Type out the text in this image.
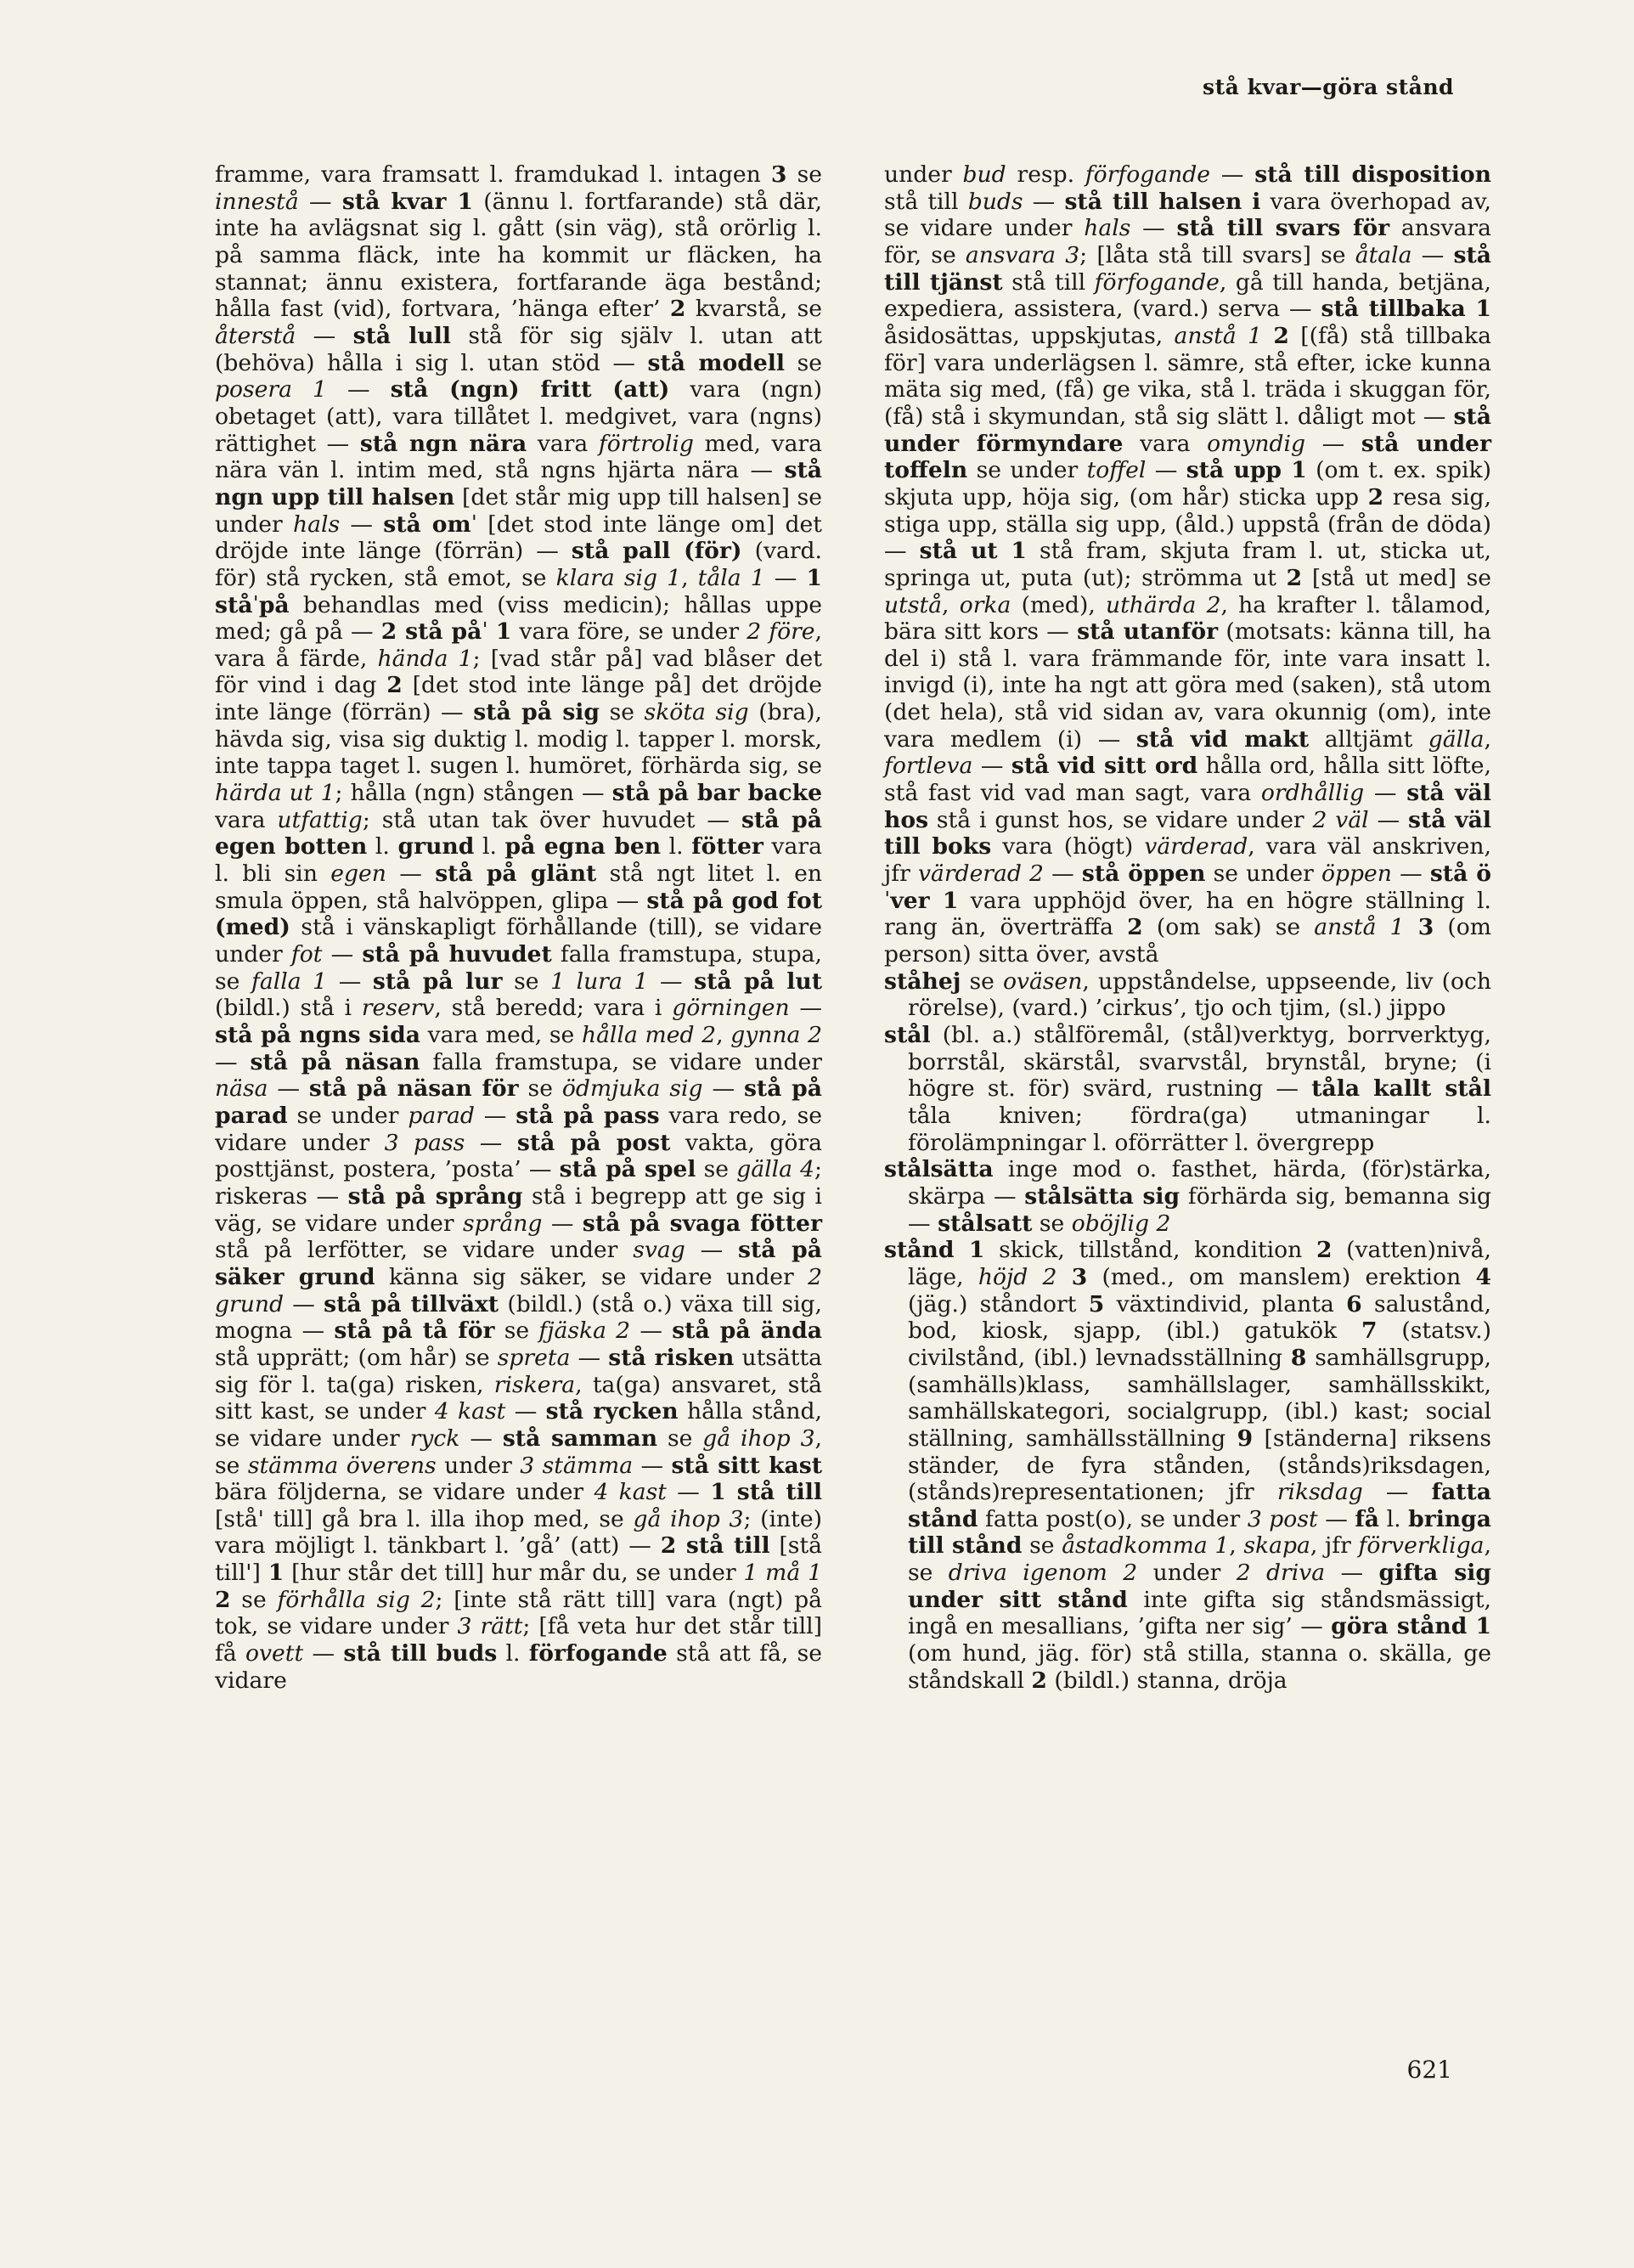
stå kvar—göra stånd

framme, vara framsatt l. framdukad l. intagen 3 se innestå — stå kvar 1 (ännu l. fortfarande) stå där, inte ha avlägsnat sig l. gått (sin väg), stå orörlig l. på samma fläck, inte ha kommit ur fläcken, ha stannat; ännu existera, fortfarande äga bestånd; hålla fast (vid), fortvara, ’hänga efter’ 2 kvarstå, se återstå — stå lull stå för sig själv l. utan att (behöva) hålla i sig l. utan stöd — stå modell se posera 1 — stå (ngn) fritt (att) vara (ngn) obetaget (att), vara tillåtet l. medgivet, vara (ngns) rättighet — stå ngn nära vara förtrolig med, vara nära vän l. intim med, stå ngns hjärta nära — stå ngn upp till halsen [det står mig upp till halsen] se under hals — stå omˈ [det stod inte länge om] det dröjde inte länge (förrän) — stå pall (för) (vard. för) stå rycken, stå emot, se klara sig 1, tåla 1 — 1 ståˈpå behandlas med (viss medicin); hållas uppe med; gå på — 2 stå påˈ 1 vara före, se under 2 före, vara å färde, hända 1; [vad står på] vad blåser det för vind i dag 2 [det stod inte länge på] det dröjde inte länge (förrän) — stå på sig se sköta sig (bra), hävda sig, visa sig duktig l. modig l. tapper l. morsk, inte tappa taget l. sugen l. humöret, förhärda sig, se härda ut 1; hålla (ngn) stången — stå på bar backe vara utfattig; stå utan tak över huvudet — stå på egen botten l. grund l. på egna ben l. fötter vara l. bli sin egen — stå på glänt stå ngt litet l. en smula öppen, stå halvöppen, glipa — stå på god fot (med) stå i vänskapligt förhållande (till), se vidare under fot — stå på huvudet falla framstupa, stupa, se falla 1 — stå på lur se 1 lura 1 — stå på lut (bildl.) stå i reserv, stå beredd; vara i görningen — stå på ngns sida vara med, se hålla med 2, gynna 2 — stå på näsan falla framstupa, se vidare under näsa — stå på näsan för se ödmjuka sig — stå på parad se under parad — stå på pass vara redo, se vidare under 3 pass — stå på post vakta, göra posttjänst, postera, ’posta’ — stå på spel se gälla 4; riskeras — stå på språng stå i begrepp att ge sig i väg, se vidare under språng — stå på svaga fötter stå på lerfötter, se vidare under svag — stå på säker grund känna sig säker, se vidare under 2 grund — stå på tillväxt (bildl.) (stå o.) växa till sig, mogna — stå på tå för se fjäska 2 — stå på ända stå upprätt; (om hår) se spreta — stå risken utsätta sig för l. ta(ga) risken, riskera, ta(ga) ansvaret, stå sitt kast, se under 4 kast — stå rycken hålla stånd, se vidare under ryck — stå samman se gå ihop 3, se stämma överens under 3 stämma — stå sitt kast bära följderna, se vidare under 4 kast — 1 stå till [stå' till] gå bra l. illa ihop med, se gå ihop 3; (inte) vara möjligt l. tänkbart l. ’gå’ (att) — 2 stå till [stå till'] 1 [hur står det till] hur mår du, se under 1 må 1 2 se förhålla sig 2; [inte stå rätt till] vara (ngt) på tok, se vidare under 3 rätt; [få veta hur det står till] få ovett — stå till buds l. förfogande stå att få, se vidare

under bud resp. förfogande — stå till disposition stå till buds — stå till halsen i vara överhopad av, se vidare under hals — stå till svars för ansvara för, se ansvara 3; [låta stå till svars] se åtala — stå till tjänst stå till förfogande, gå till handa, betjäna, expediera, assistera, (vard.) serva — stå tillbaka 1 åsidosättas, uppskjutas, anstå 1 2 [(få) stå tillbaka för] vara underlägsen l. sämre, stå efter, icke kunna mäta sig med, (få) ge vika, stå l. träda i skuggan för, (få) stå i skymundan, stå sig slätt l. dåligt mot — stå under förmyndare vara omyndig — stå under toffeln se under toffel — stå upp 1 (om t. ex. spik) skjuta upp, höja sig, (om hår) sticka upp 2 resa sig, stiga upp, ställa sig upp, (åld.) uppstå (från de döda) — stå ut 1 stå fram, skjuta fram l. ut, sticka ut, springa ut, puta (ut); strömma ut 2 [stå ut med] se utstå, orka (med), uthärda 2, ha krafter l. tålamod, bära sitt kors — stå utanför (motsats: känna till, ha del i) stå l. vara främmande för, inte vara insatt l. invigd (i), inte ha ngt att göra med (saken), stå utom (det hela), stå vid sidan av, vara okunnig (om), inte vara medlem (i) — stå vid makt alltjämt gälla, fortleva — stå vid sitt ord hålla ord, hålla sitt löfte, stå fast vid vad man sagt, vara ordhållig — stå väl hos stå i gunst hos, se vidare under 2 väl — stå väl till boks vara (högt) värderad, vara väl anskriven, jfr värderad 2 — stå öppen se under öppen — stå öˈver 1 vara upphöjd över, ha en högre ställning l. rang än, överträffa 2 (om sak) se anstå 1 3 (om person) sitta över, avstå

ståhej se oväsen, uppståndelse, uppseende, liv (och rörelse), (vard.) ’cirkus’, tjo och tjim, (sl.) jippo

stål (bl. a.) stålföremål, (stål)verktyg, borrverktyg, borrstål, skärstål, svarvstål, brynstål, bryne; (i högre st. för) svärd, rustning — tåla kallt stål tåla kniven; fördra(ga) utmaningar l. förolämpningar l. oförrätter l. övergrepp

stålsätta inge mod o. fasthet, härda, (för)stärka, skärpa — stålsätta sig förhärda sig, bemanna sig — stålsatt se oböjlig 2

stånd 1 skick, tillstånd, kondition 2 (vatten)nivå, läge, höjd 2 3 (med., om manslem) erektion 4 (jäg.) ståndort 5 växtindivid, planta 6 salustånd, bod, kiosk, sjapp, (ibl.) gatukök 7 (statsv.) civilstånd, (ibl.) levnadsställning 8 samhällsgrupp, (samhälls)klass, samhällslager, samhällsskikt, samhällskategori, socialgrupp, (ibl.) kast; social ställning, samhällsställning 9 [ständerna] riksens ständer, de fyra stånden, (stånds)riksdagen, (stånds)representationen; jfr riksdag — fatta stånd fatta post(o), se under 3 post — få l. bringa till stånd se åstadkomma 1, skapa, jfr förverkliga, se driva igenom 2 under 2 driva — gifta sig under sitt stånd inte gifta sig ståndsmässigt, ingå en mesallians, ’gifta ner sig’ — göra stånd 1 (om hund, jäg. för) stå stilla, stanna o. skälla, ge ståndskall 2 (bildl.) stanna, dröja

621
